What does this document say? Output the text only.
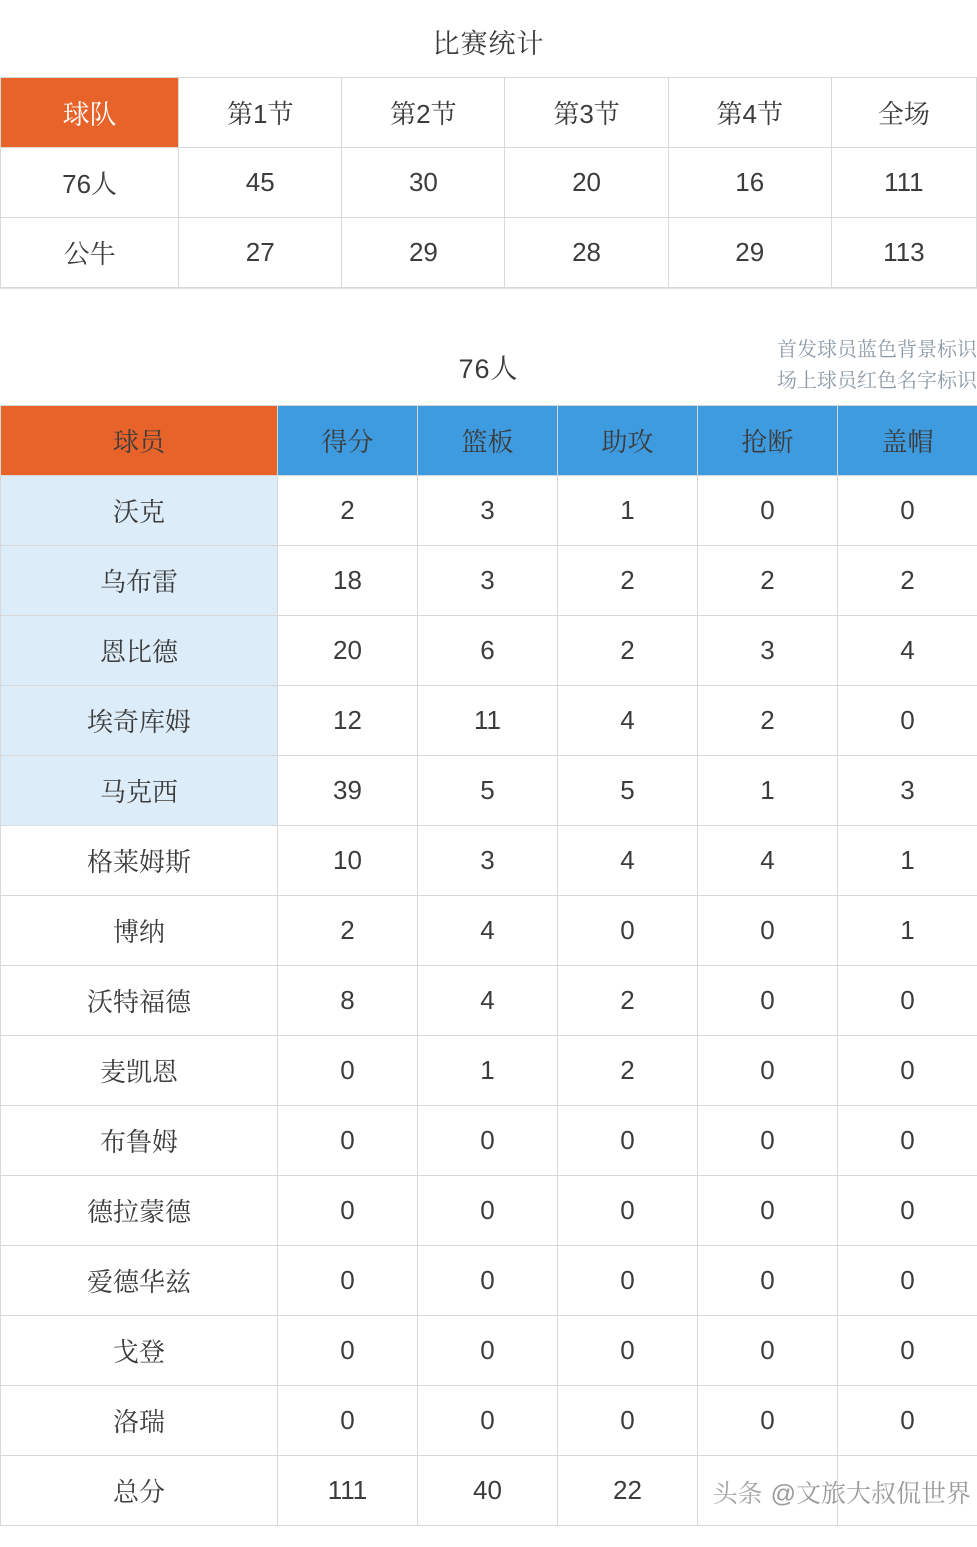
比赛统计
球队	第1节	第2节	第3节	第4节	全场
76人	45	30	20	16	111
公牛	27	29	28	29	113
76人
首发球员蓝色背景标识
场上球员红色名字标识
球员	得分	篮板	助攻	抢断	盖帽
沃克	2	3	1	0	0
乌布雷	18	3	2	2	2
恩比德	20	6	2	3	4
埃奇库姆	12	11	4	2	0
马克西	39	5	5	1	3
格莱姆斯	10	3	4	4	1
博纳	2	4	0	0	1
沃特福德	8	4	2	0	0
麦凯恩	0	1	2	0	0
布鲁姆	0	0	0	0	0
德拉蒙德	0	0	0	0	0
爱德华兹	0	0	0	0	0
戈登	0	0	0	0	0
洛瑞	0	0	0	0	0
总分	111	40	22			头条 @文旅大叔侃世界
